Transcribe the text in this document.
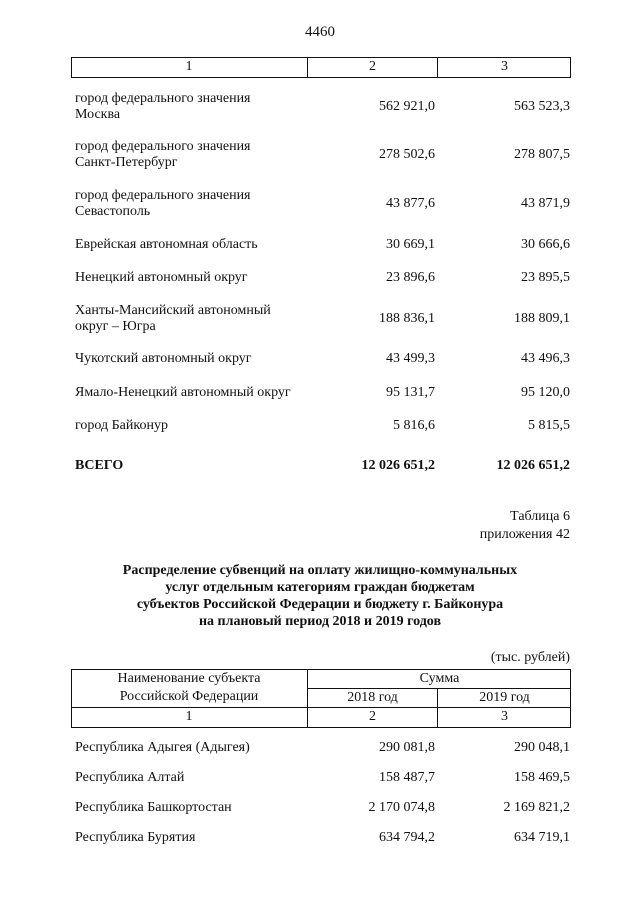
4460
1	2	3
город федерального значения Москва
562 921,0	563 523,3
город федерального значения Санкт-Петербург
278 502,6	278 807,5
город федерального значения Севастополь
43 877,6	43 871,9
Еврейская автономная область	30 669,1	30 666,6
Ненецкий автономный округ	23 896,6	23 895,5
Ханты-Мансийский автономный округ – Югра
188 836,1	188 809,1
Чукотский автономный округ	43 499,3	43 496,3
Ямало-Ненецкий автономный округ	95 131,7	95 120,0
город Байконур	5 816,6	5 815,5
ВСЕГО	12 026 651,2	12 026 651,2
Таблица 6
приложения 42
Распределение субвенций на оплату жилищно-коммунальных
услуг отдельным категориям граждан бюджетам
субъектов Российской Федерации и бюджету г. Байконура
на плановый период 2018 и 2019 годов
(тыс. рублей)
Наименование субъекта
Российской Федерации
Сумма
2018 год	2019 год
1	2	3
Республика Адыгея (Адыгея)	290 081,8	290 048,1
Республика Алтай	158 487,7	158 469,5
Республика Башкортостан	2 170 074,8	2 169 821,2
Республика Бурятия	634 794,2	634 719,1
